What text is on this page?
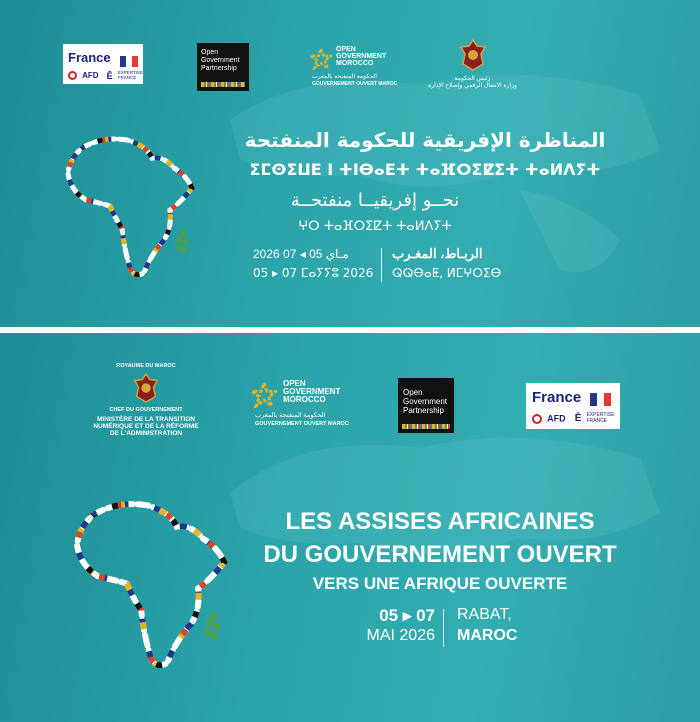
France
AFD Ē EXPERTISE FRANCE
Open
Government
Partnership
OPEN
GOVERNMENT
MOROCCO
الحكومة المنفتحة بالمغرب
GOUVERNEMENT OUVERT MAROC
رئيس الحكومة
وزارة الانتقال الرقمي وإصلاح الإدارة
المناظرة الإفريقية للحكومة المنفتحة
ⵉⵎⵙⵉⵡⴹ ⵏ ⵜⵏⴱⴰⴹⵜ ⵜⴰⴼⵔⵉⵇⵉⵜ ⵜⴰⵍⴷⵢⵜ
نحــو إفريقيــا منفتحــة
ⵖⵔ ⵜⴰⴼⵔⵉⵇⵜ ⵜⴰⵍⴷⵢⵜ
2026 مـاي 05 ◂ 07
05 ▸ 07 ⵎⴰⵢⵢⵓ 2026
الربـاط، المغـرب
ⵕⵕⴱⴰⵟ, ⵍⵎⵖⵔⵉⴱ
ROYAUME DU MAROC
CHEF DU GOUVERNEMENT
MINISTÈRE DE LA TRANSITION
NUMÉRIQUE ET DE LA RÉFORME
DE L'ADMINISTRATION
OPEN
GOVERNMENT
MOROCCO
الحكومة المنفتحة بالمغرب
GOUVERNEMENT OUVERT MAROC
Open
Government
Partnership
France
AFD Ē EXPERTISE FRANCE
LES ASSISES AFRICAINES
DU GOUVERNEMENT OUVERT
VERS UNE AFRIQUE OUVERTE
05 ▸ 07
MAI 2026
RABAT,
MAROC
